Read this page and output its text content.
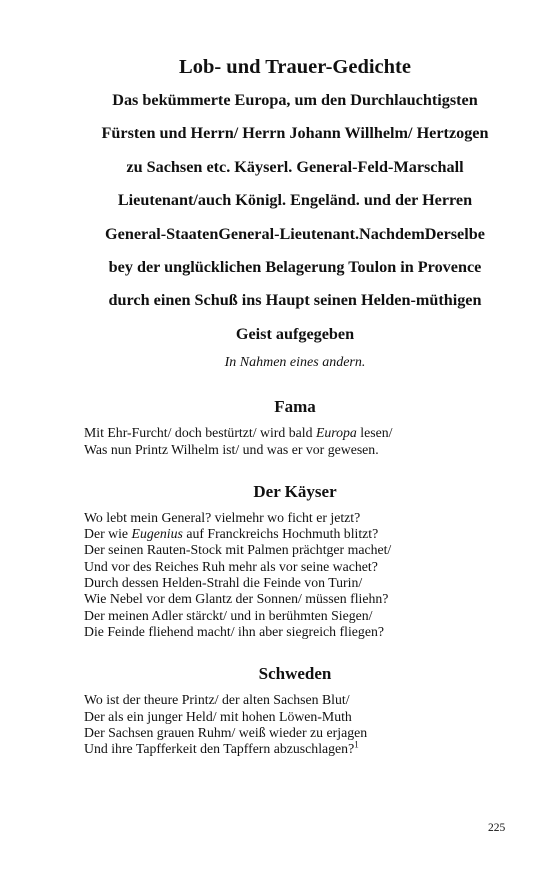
Lob- und Trauer-Gedichte

Das bekümmerte Europa, um den Durchlauchtigsten
Fürsten und Herrn/ Herrn Johann Willhelm/ Hertzogen
zu Sachsen etc. Käyserl. General-Feld-Marschall
Lieutenant/auch Königl. Engeländ. und der Herren
General-StaatenGeneral-Lieutenant.NachdemDerselbe
bey der unglücklichen Belagerung Toulon in Provence
durch einen Schuß ins Haupt seinen Helden-müthigen
Geist aufgegeben

In Nahmen eines andern.

Fama

Mit Ehr-Furcht/ doch bestürtzt/ wird bald Europa lesen/
Was nun Printz Wilhelm ist/ und was er vor gewesen.

Der Käyser

Wo lebt mein General? vielmehr wo ficht er jetzt?
Der wie Eugenius auf Franckreichs Hochmuth blitzt?
Der seinen Rauten-Stock mit Palmen prächtger machet/
Und vor des Reiches Ruh mehr als vor seine wachet?
Durch dessen Helden-Strahl die Feinde von Turin/
Wie Nebel vor dem Glantz der Sonnen/ müssen fliehn?
Der meinen Adler stärckt/ und in berühmten Siegen/
Die Feinde fliehend macht/ ihn aber siegreich fliegen?

Schweden

Wo ist der theure Printz/ der alten Sachsen Blut/
Der als ein junger Held/ mit hohen Löwen-Muth
Der Sachsen grauen Ruhm/ weiß wieder zu erjagen
Und ihre Tapfferkeit den Tapffern abzuschlagen?$^1$

225
